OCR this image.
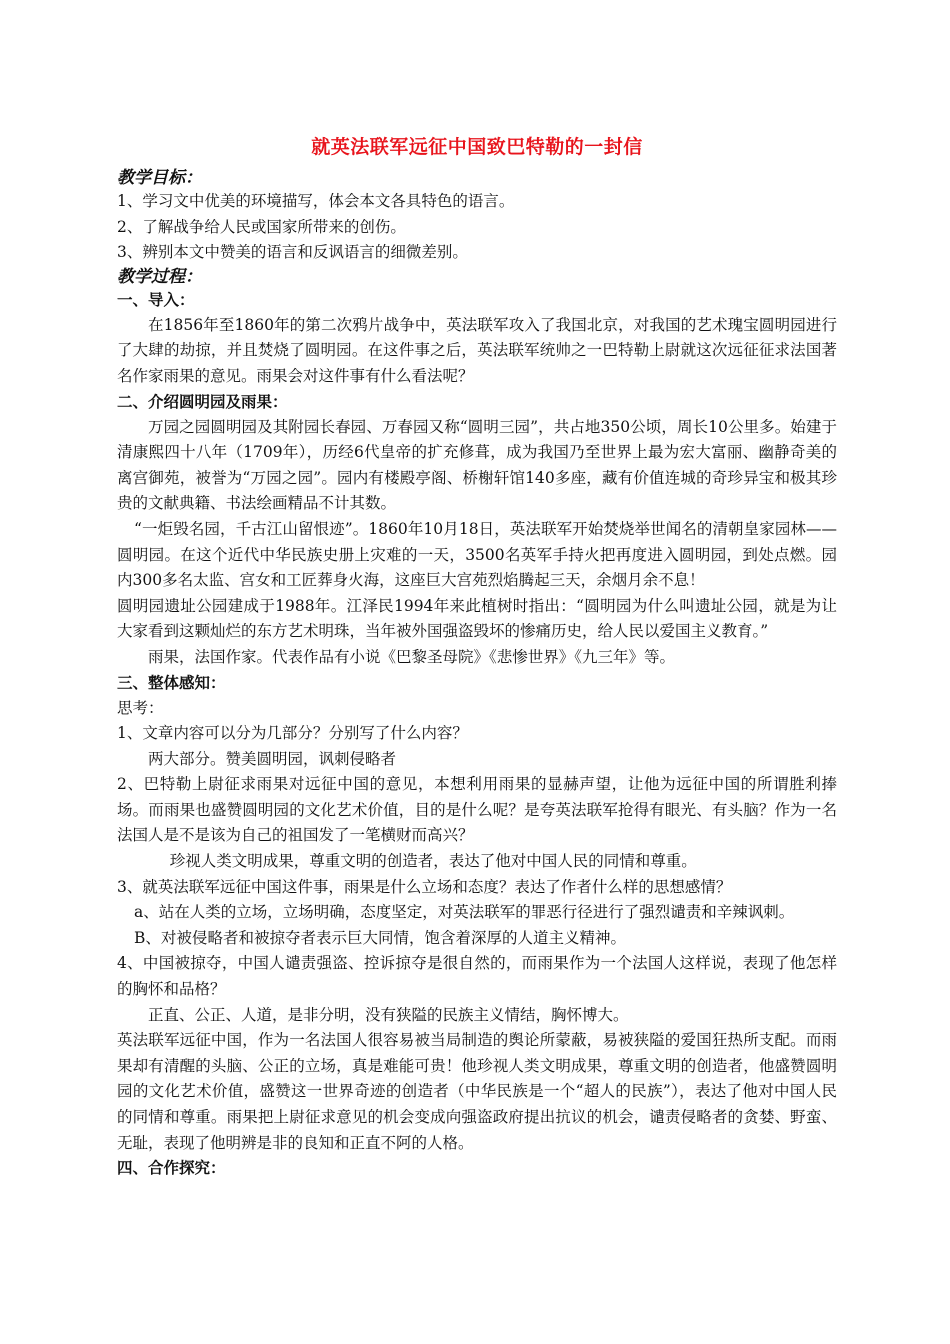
就英法联军远征中国致巴特勒的一封信
教学目标：

1、学习文中优美的环境描写，体会本文各具特色的语言。

2、了解战争给人民或国家所带来的创伤。

3、辨别本文中赞美的语言和反讽语言的细微差别。

教学过程：
一、导入：

在1856年至1860年的第二次鸦片战争中，英法联军攻入了我国北京，对我国的艺术瑰宝圆明园进行了大肆的劫掠，并且焚烧了圆明园。在这件事之后，英法联军统帅之一巴特勒上尉就这次远征征求法国著名作家雨果的意见。雨果会对这件事有什么看法呢？

二、介绍圆明园及雨果：

万园之园圆明园及其附园长春园、万春园又称“圆明三园”，共占地350公顷，周长10公里多。始建于清康熙四十八年（1709年），历经6代皇帝的扩充修葺，成为我国乃至世界上最为宏大富丽、幽静奇美的离宫御苑，被誉为“万园之园”。园内有楼殿亭阁、桥榭轩馆140多座，藏有价值连城的奇珍异宝和极其珍贵的文献典籍、书法绘画精品不计其数。

“一炬毁名园，千古江山留恨迹”。1860年10月18日，英法联军开始焚烧举世闻名的清朝皇家园林——圆明园。在这个近代中华民族史册上灾难的一天，3500名英军手持火把再度进入圆明园，到处点燃。园内300多名太监、宫女和工匠葬身火海，这座巨大宫苑烈焰腾起三天，余烟月余不息！

圆明园遗址公园建成于1988年。江泽民1994年来此植树时指出：“圆明园为什么叫遗址公园，就是为让大家看到这颗灿烂的东方艺术明珠，当年被外国强盗毁坏的惨痛历史，给人民以爱国主义教育。”

雨果，法国作家。代表作品有小说《巴黎圣母院》《悲惨世界》《九三年》等。

三、整体感知：

思考：

1、文章内容可以分为几部分？分别写了什么内容？

两大部分。赞美圆明园，讽刺侵略者

2、巴特勒上尉征求雨果对远征中国的意见，本想利用雨果的显赫声望，让他为远征中国的所谓胜利捧场。而雨果也盛赞圆明园的文化艺术价值，目的是什么呢？是夸英法联军抢得有眼光、有头脑？作为一名法国人是不是该为自己的祖国发了一笔横财而高兴？

珍视人类文明成果，尊重文明的创造者，表达了他对中国人民的同情和尊重。

3、就英法联军远征中国这件事，雨果是什么立场和态度？表达了作者什么样的思想感情？

a、站在人类的立场，立场明确，态度坚定，对英法联军的罪恶行径进行了强烈谴责和辛辣讽刺。

B、对被侵略者和被掠夺者表示巨大同情，饱含着深厚的人道主义精神。

4、中国被掠夺，中国人谴责强盗、控诉掠夺是很自然的，而雨果作为一个法国人这样说，表现了他怎样的胸怀和品格？

正直、公正、人道，是非分明，没有狭隘的民族主义情结，胸怀博大。

英法联军远征中国，作为一名法国人很容易被当局制造的舆论所蒙蔽，易被狭隘的爱国狂热所支配。而雨果却有清醒的头脑、公正的立场，真是难能可贵！他珍视人类文明成果，尊重文明的创造者，他盛赞圆明园的文化艺术价值，盛赞这一世界奇迹的创造者（中华民族是一个“超人的民族”），表达了他对中国人民的同情和尊重。雨果把上尉征求意见的机会变成向强盗政府提出抗议的机会，谴责侵略者的贪婪、野蛮、无耻，表现了他明辨是非的良知和正直不阿的人格。

四、合作探究：
